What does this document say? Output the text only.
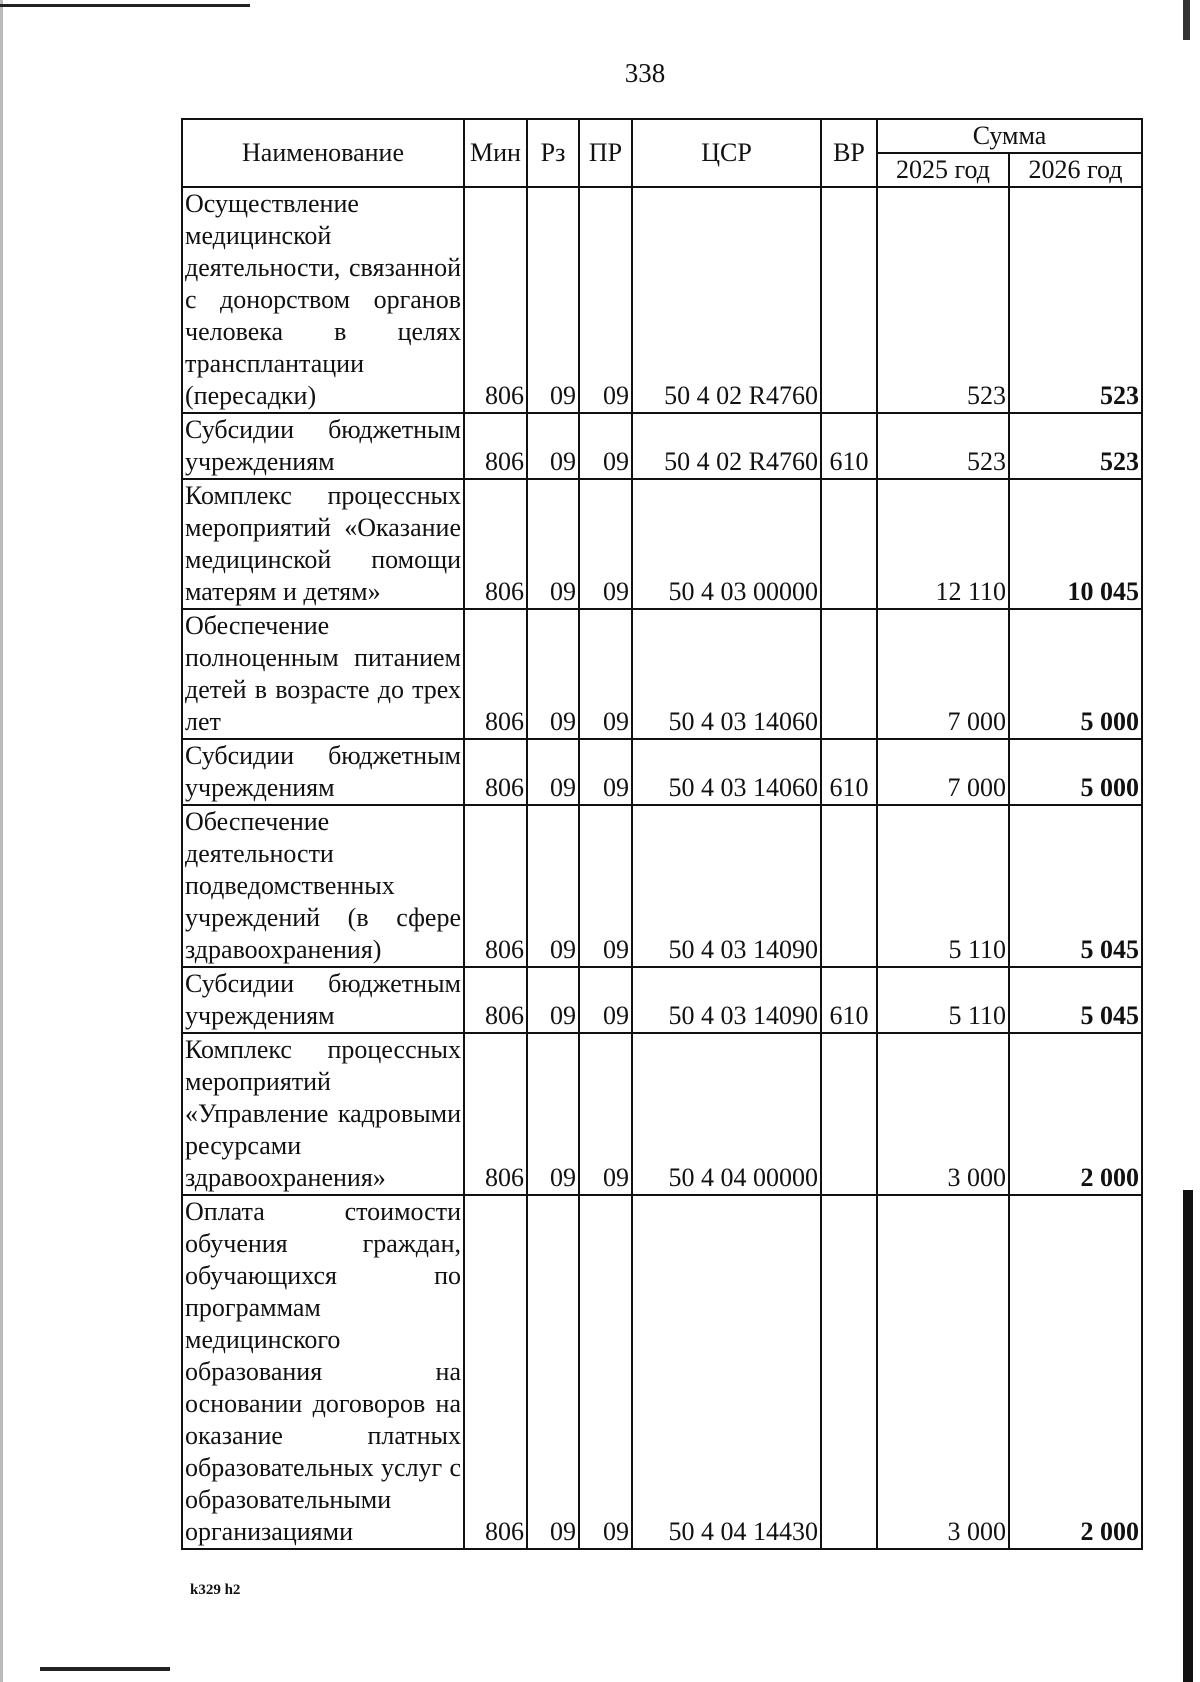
338
Наименование	Мин	Рз	ПР	ЦСР	ВР	Сумма	
						2025 год	2026 год
Осуществление медицинской деятельности, связанной с донорством органов человека в целях трансплантации (пересадки)	806	09	09	50 4 02 R4760		523	523
Субсидии бюджетным учреждениям	806	09	09	50 4 02 R4760	610	523	523
Комплекс процессных мероприятий «Оказание медицинской помощи матерям и детям»	806	09	09	50 4 03 00000		12 110	10 045
Обеспечение полноценным питанием детей в возрасте до трех лет	806	09	09	50 4 03 14060		7 000	5 000
Субсидии бюджетным учреждениям	806	09	09	50 4 03 14060	610	7 000	5 000
Обеспечение деятельности подведомственных учреждений (в сфере здравоохранения)	806	09	09	50 4 03 14090		5 110	5 045
Субсидии бюджетным учреждениям	806	09	09	50 4 03 14090	610	5 110	5 045
Комплекс процессных мероприятий «Управление кадровыми ресурсами здравоохранения»	806	09	09	50 4 04 00000		3 000	2 000
Оплата стоимости обучения граждан, обучающихся по программам медицинского образования на основании договоров на оказание платных образовательных услуг с образовательными организациями	806	09	09	50 4 04 14430		3 000	2 000
k329 h2
